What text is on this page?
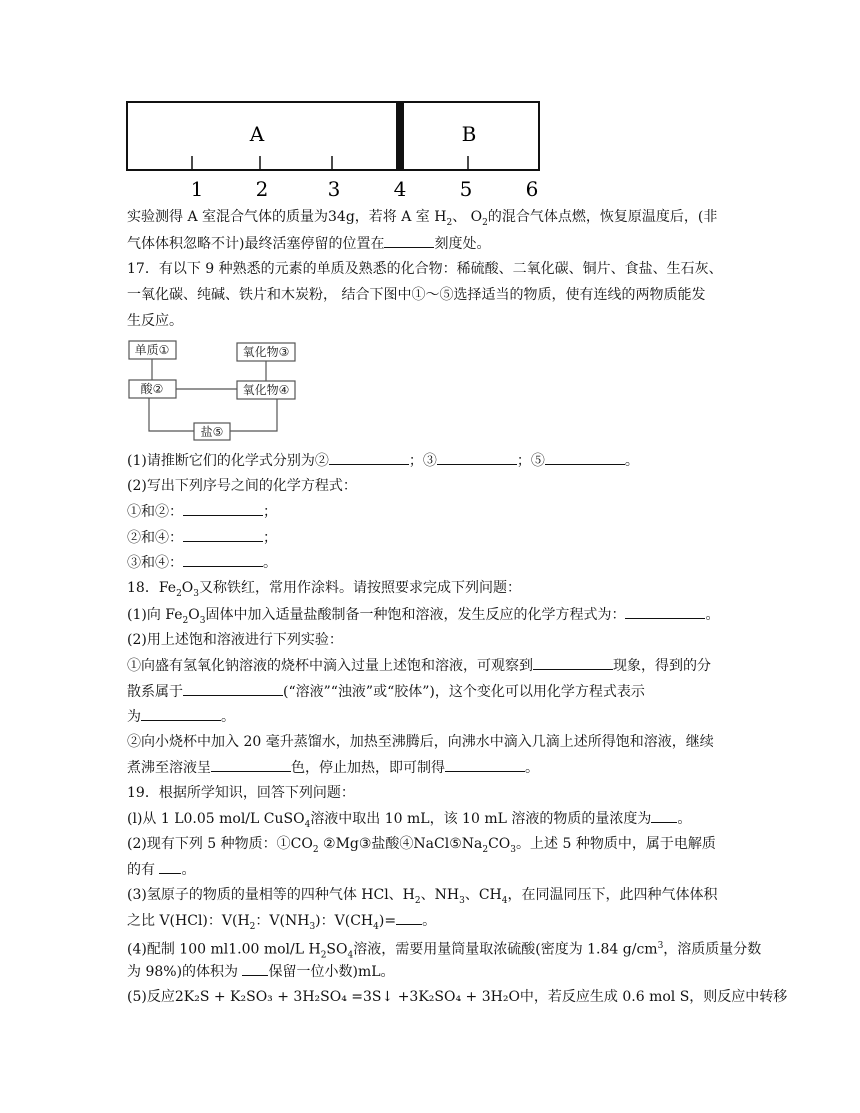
A	B
1	2	3	4	5	6
实验测得 A 室混合气体的质量为34g，若将 A 室 $H_2$、 $O_2$的混合气体点燃，恢复原温度后，(非
气体体积忽略不计)最终活塞停留的位置在	刻度处。
17．有以下 9 种熟悉的元素的单质及熟悉的化合物：稀硫酸、二氧化碳、铜片、食盐、生石灰、
一氧化碳、纯碱、铁片和木炭粉， 结合下图中①～⑤选择适当的物质，使有连线的两物质能发
生反应。
单质①
酸②
氧化物③
氧化物④
盐⑤
(1)请推断它们的化学式分别为②	；③	；⑤	。
(2)写出下列序号之间的化学方程式：
①和②：	；
②和④：	；
③和④：	。
18．$Fe_2O_3$又称铁红，常用作涂料。请按照要求完成下列问题：
(1)向 $Fe_2O_3$固体中加入适量盐酸制备一种饱和溶液，发生反应的化学方程式为：	。
(2)用上述饱和溶液进行下列实验：
①向盛有氢氧化钠溶液的烧杯中滴入过量上述饱和溶液，可观察到	现象，得到的分
散系属于	(“溶液”“浊液”或“胶体”)，这个变化可以用化学方程式表示
为	。
②向小烧杯中加入 20 毫升蒸馏水，加热至沸腾后，向沸水中滴入几滴上述所得饱和溶液，继续
煮沸至溶液呈	色，停止加热，即可制得	。
19．根据所学知识，回答下列问题：
(l)从 1 L0.05 mol/L CuSO$_4$溶液中取出 10 mL，该 10 mL 溶液的物质的量浓度为 。
(2)现有下列 5 种物质：$①CO_2$ ②Mg③盐酸$④NaCl⑤Na_2CO_3$。上述 5 种物质中，属于电解质
的有 。
(3)氢原子的物质的量相等的四种气体 HCl、$H_2$、$NH_3$、$CH_4$，在同温同压下，此四种气体体积
之比 V(HCl)：$V(H_2$：$V(NH_3)$：$V(CH_4)=$ 。
(4)配制 100 ml1.00 mol/L $H_2SO_4$溶液，需要用量筒量取浓硫酸(密度为 1.84 $g/cm^3$，溶质质量分数
为 98%)的体积为 保留一位小数)mL。
(5)反应2K₂S + K₂SO₃ + 3H₂SO₄ =3S↓ +3K₂SO₄ + 3H₂O中，若反应生成 0.6 mol S，则反应中转移
